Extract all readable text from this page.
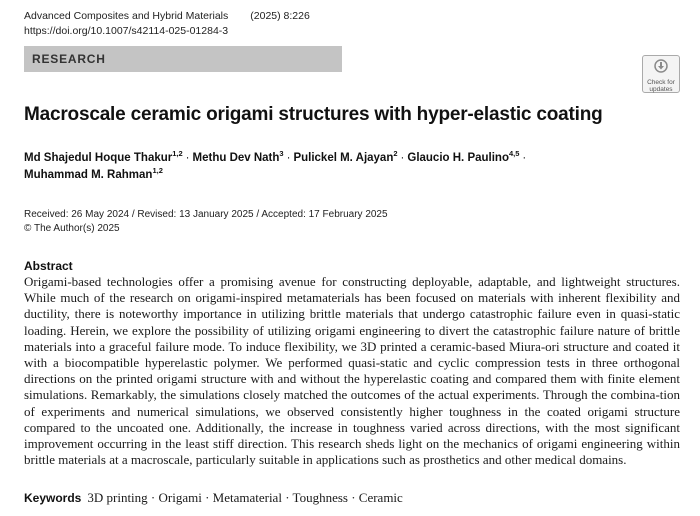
Advanced Composites and Hybrid Materials (2025) 8:226
https://doi.org/10.1007/s42114-025-01284-3
RESEARCH
Check for updates
Macroscale ceramic origami structures with hyper-elastic coating
Md Shajedul Hoque Thakur$^{1,2}$ · Methu Dev Nath$^3$ · Pulickel M. Ajayan$^2$ · Glaucio H. Paulino$^{4,5}$ ·
Muhammad M. Rahman$^{1,2}$
Received: 26 May 2024 / Revised: 13 January 2025 / Accepted: 17 February 2025
© The Author(s) 2025
Abstract

Origami-based technologies offer a promising avenue for constructing deployable, adaptable, and lightweight structures. While much of the research on origami-inspired metamaterials has been focused on materials with inherent flexibility and ductility, there is noteworthy importance in utilizing brittle materials that undergo catastrophic failure even in quasi-static loading. Herein, we explore the possibility of utilizing origami engineering to divert the catastrophic failure nature of brittle materials into a graceful failure mode. To induce flexibility, we 3D printed a ceramic-based Miura-ori structure and coated it with a biocompatible hyperelastic polymer. We performed quasi-static and cyclic compression tests in three orthogonal directions on the printed origami structure with and without the hyperelastic coating and compared them with finite element simulations. Remarkably, the simulations closely matched the outcomes of the actual experiments. Through the combina-tion of experiments and numerical simulations, we observed consistently higher toughness in the coated origami structure compared to the uncoated one. Additionally, the increase in toughness varied across directions, with the most significant improvement occurring in the least stiff direction. This research sheds light on the mechanics of origami engineering within brittle materials at a macroscale, particularly suitable in applications such as prosthetics and other medical domains.

Keywords 3D printing · Origami · Metamaterial · Toughness · Ceramic
